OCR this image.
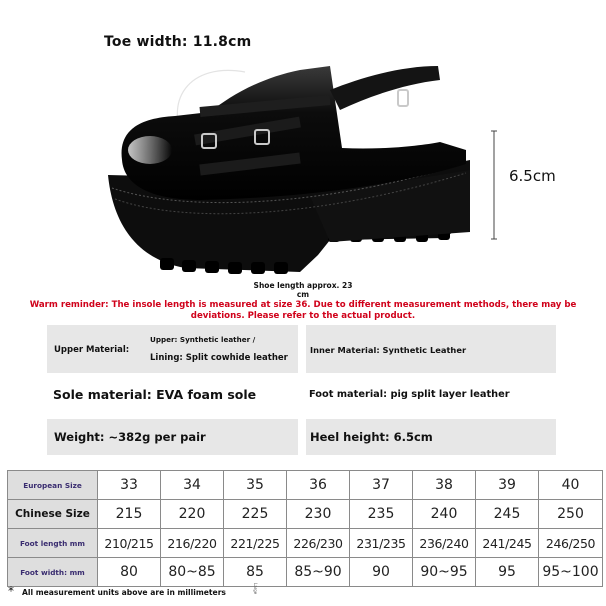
Toe width: 11.8cm
6.5cm
Shoe length approx. 23 cm
Warm reminder: The insole length is measured at size 36. Due to different measurement methods, there may be deviations. Please refer to the actual product.
Upper Material:
Upper: Synthetic leather /
Lining: Split cowhide leather
Inner Material: Synthetic Leather
Sole material: EVA foam sole	Foot material: pig split layer leather
Weight: ~382g per pair	Heel height: 6.5cm
European Size	33	34	35	36	37	38	39	40
Chinese Size	215	220	225	230	235	240	245	250
Foot length mm	210/215	216/220	221/225	226/230	231/235	236/240	241/245	246/250
Foot width: mm	80	80~85	85	85~90	90	90~95	95	95~100
* All measurement units above are in millimeters	Large
